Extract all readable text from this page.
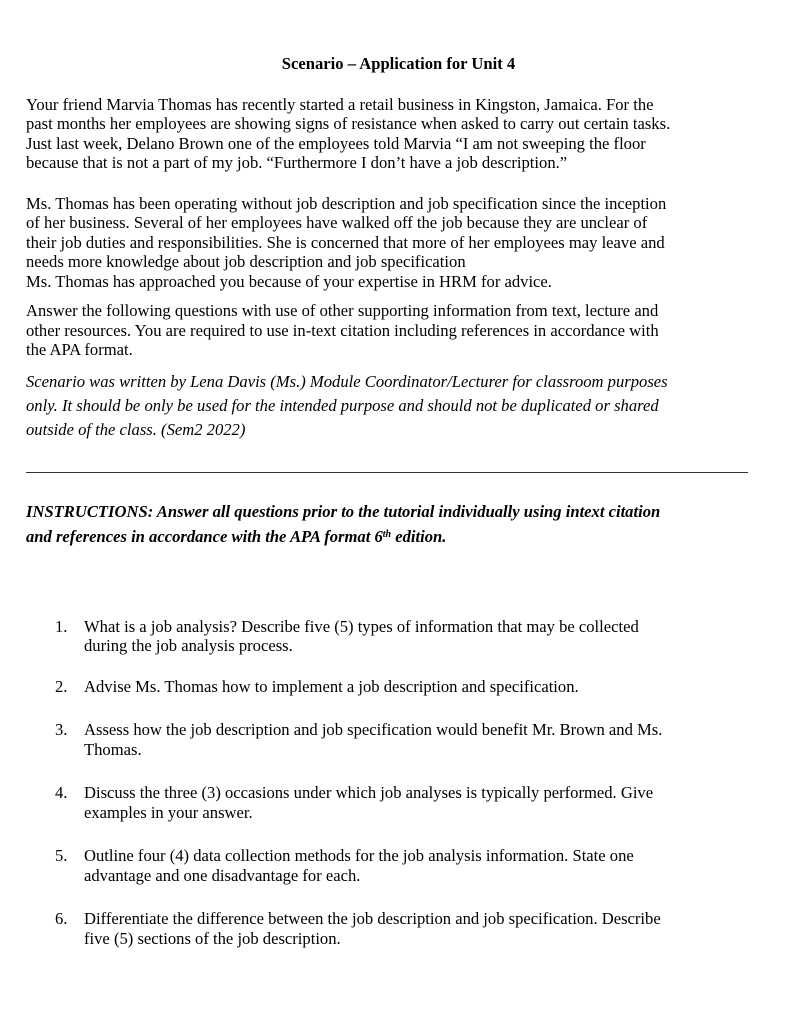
Scenario – Application for Unit 4
Your friend Marvia Thomas has recently started a retail business in Kingston, Jamaica. For the
past months her employees are showing signs of resistance when asked to carry out certain tasks.
Just last week, Delano Brown one of the employees told Marvia “I am not sweeping the floor
because that is not a part of my job. “Furthermore I don’t have a job description.”
Ms. Thomas has been operating without job description and job specification since the inception
of her business. Several of her employees have walked off the job because they are unclear of
their job duties and responsibilities. She is concerned that more of her employees may leave and
needs more knowledge about job description and job specification
Ms. Thomas has approached you because of your expertise in HRM for advice.
Answer the following questions with use of other supporting information from text, lecture and
other resources. You are required to use in-text citation including references in accordance with
the APA format.
Scenario was written by Lena Davis (Ms.) Module Coordinator/Lecturer for classroom purposes
only. It should be only be used for the intended purpose and should not be duplicated or shared
outside of the class. (Sem2 2022)
INSTRUCTIONS: Answer all questions prior to the tutorial individually using intext citation
and references in accordance with the APA format 6th edition.
1. What is a job analysis? Describe five (5) types of information that may be collected
during the job analysis process.
2. Advise Ms. Thomas how to implement a job description and specification.
3. Assess how the job description and job specification would benefit Mr. Brown and Ms.
Thomas.
4. Discuss the three (3) occasions under which job analyses is typically performed. Give
examples in your answer.
5. Outline four (4) data collection methods for the job analysis information. State one
advantage and one disadvantage for each.
6. Differentiate the difference between the job description and job specification. Describe
five (5) sections of the job description.
